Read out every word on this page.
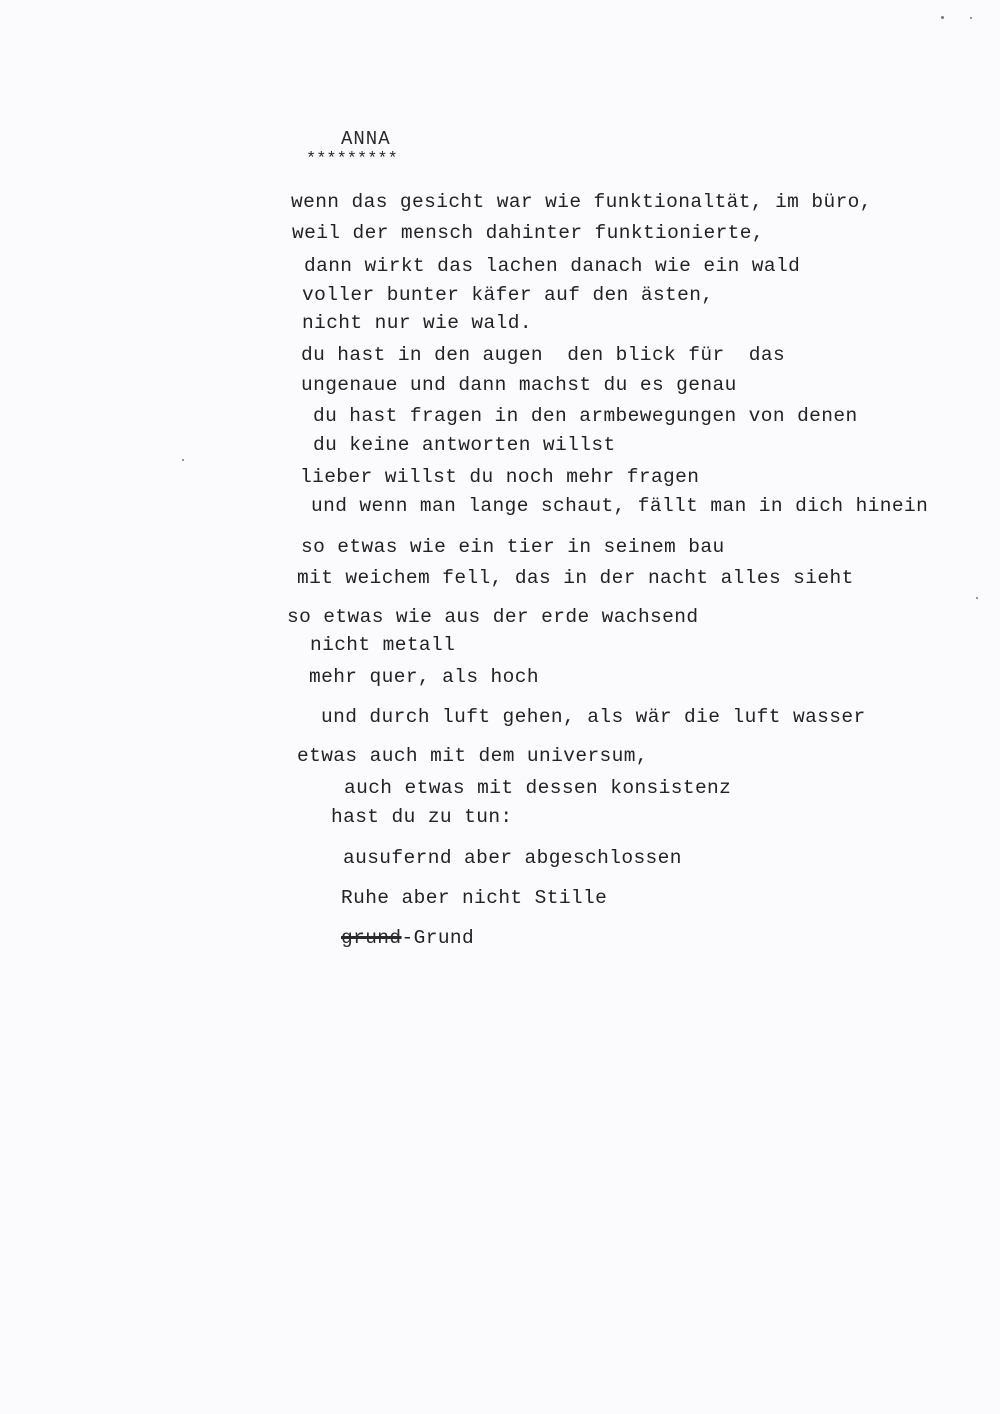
ANNA
*********
wenn das gesicht war wie funktionaltät, im büro,
weil der mensch dahinter funktionierte,
dann wirkt das lachen danach wie ein wald
voller bunter käfer auf den ästen,
nicht nur wie wald.
du hast in den augen  den blick für  das
ungenaue und dann machst du es genau
du hast fragen in den armbewegungen von denen
du keine antworten willst
lieber willst du noch mehr fragen
und wenn man lange schaut, fällt man in dich hinein
so etwas wie ein tier in seinem bau
mit weichem fell, das in der nacht alles sieht
so etwas wie aus der erde wachsend
nicht metall
mehr quer, als hoch
und durch luft gehen, als wär die luft wasser
etwas auch mit dem universum,
auch etwas mit dessen konsistenz
hast du zu tun:
ausufernd aber abgeschlossen
Ruhe aber nicht Stille
grund-Grund
